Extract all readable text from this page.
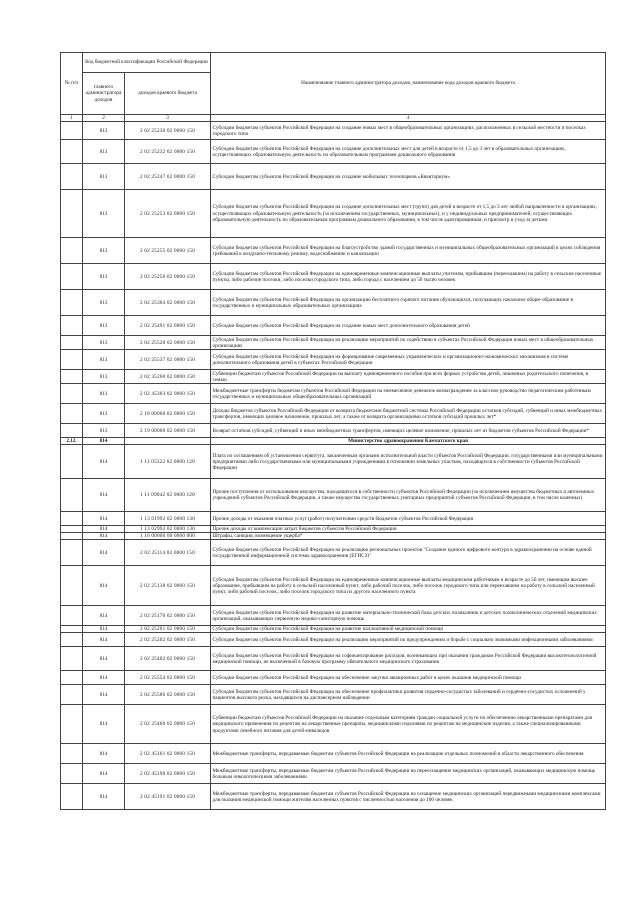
№ п/п	Код бюджетной классификации Российской Федерации		Наименование главного администратора доходов, наименование кода доходов краевого бюджета
	главного администратора доходов	доходов краевого бюджета	
1	2	3	4
	813	2 02 25230 02 0000 150	Субсидии бюджетам субъектов Российской Федерации на создание новых мест в общеобразовательных организациях, расположенных в сельской местности и поселках городского типа
	813	2 02 25232 02 0000 150	Субсидии бюджетам субъектов Российской Федерации на создание дополнительных мест для детей в возрасте от 1,5 до 3 лет в образовательных организациях, осуществляющих образовательную деятельность по образовательным программам дошкольного образования
	813	2 02 25247 02 0000 150	Субсидии бюджетам субъектов Российской Федерации на создание мобильных технопарков «Кванториум»
	813	2 02 25253 02 0000 150	Субсидии бюджетам субъектов Российской Федерации на создание дополнительных мест (групп) для детей в возрасте от 1,5 до 3 лет любой направленности в организациях, осуществляющих образовательную деятельность (за исключением государственных, муниципальных), и у индивидуальных предпринимателей, осуществляющих образовательную деятельность по образовательным программам дошкольного образования, в том числе адаптированным, и присмотр и уход за детьми
	813	2 02 25255 02 0000 150	Субсидии бюджетам субъектов Российской Федерации на благоустройство зданий государственных и муниципальных общеобразовательных организаций в целях соблюдения требований к воздушно-тепловому режиму, водоснабжению и канализации
	813	2 02 25256 02 0000 150	Субсидии бюджетам субъектов Российской Федерации на единовременные компенсационные выплаты учителям, прибывшим (переехавшим) на работу в сельские населенные пункты, либо рабочие поселки, либо поселки городского типа, либо города с населением до 50 тысяч человек
	813	2 02 25304 02 0000 150	Субсидии бюджетам субъектов Российской Федерации на организацию бесплатного горячего питания обучающихся, получающих начальное общее образование в государственных и муниципальных образовательных организациях
	813	2 02 25491 02 0000 150	Субсидии бюджетам субъектов Российской Федерации на создание новых мест дополнительного образования детей
	813	2 02 25520 02 0000 150	Субсидии бюджетам субъектов Российской Федерации на реализацию мероприятий по содействию в субъектах Российской Федерации новых мест в общеобразовательных организациях
	813	2 02 25537 02 0000 150	Субсидии бюджетам субъектов Российской Федерации на формирование современных управленческих и организационно-экономических механизмов в системе дополнительного образования детей в субъектах Российской Федерации
	813	2 02 35260 02 0000 150	Субвенции бюджетам субъектов Российской Федерации на выплату единовременного пособия при всех формах устройства детей, лишенных родительского попечения, в семью
	813	2 02 45303 02 0000 150	Межбюджетные трансферты бюджетам субъектов Российской Федерации на ежемесячное денежное вознаграждение за классное руководство педагогическим работникам государственных и муниципальных общеобразовательных организаций
	813	2 18 00000 02 0000 150	Доходы бюджетов субъектов Российской Федерации от возврата бюджетами бюджетной системы Российской Федерации остатков субсидий, субвенций и иных межбюджетных трансфертов, имеющих целевое назначение, прошлых лет, а также от возврата организациями остатков субсидий прошлых лет*
	813	2 19 00000 02 0000 150	Возврат остатков субсидий, субвенций и иных межбюджетных трансфертов, имеющих целевое назначение, прошлых лет из бюджетов субъектов Российской Федерации*
2.12.	814		Министерство здравоохранения Камчатского края
	814	1 11 05322 02 0000 120	Плата по соглашениям об установлении сервитута, заключенным органами исполнительной власти субъектов Российской Федерации, государственными или муниципальными предприятиями либо государственными или муниципальными учреждениями в отношении земельных участков, находящихся в собственности субъектов Российской Федерации
	814	1 11 09042 02 0000 120	Прочие поступления от использования имущества, находящегося в собственности субъектов Российской Федерации (за исключением имущества бюджетных и автономных учреждений субъектов Российской Федерации, а также имущества государственных унитарных предприятий субъектов Российской Федерации, в том числе казенных)
	814	1 13 01992 02 0000 130	Прочие доходы от оказания платных услуг (работ) получателями средств бюджетов субъектов Российской Федерации
	814	1 13 02992 02 0000 130	Прочие доходы от компенсации затрат бюджетов субъектов Российской Федерации
	814	1 16 00000 00 0000 000	Штрафы, санкции, возмещение ущерба*
	814	2 02 25114 02 0000 150	Субсидии бюджетам субъектов Российской Федерации на реализацию региональных проектов "Создание единого цифрового контура в здравоохранении на основе единой государственной информационной системы здравоохранения (ЕГИСЗ)"
	814	2 02 25138 02 0000 150	Субсидии бюджетам субъектов Российской Федерации на единовременные компенсационные выплаты медицинским работникам в возрасте до 50 лет, имеющим высшее образование, прибывшим на работу в сельский населенный пункт, либо рабочий поселок, либо поселок городского типа или переехавшим на работу в сельский населенный пункт, либо рабочий поселок, либо поселок городского типа из другого населенного пункта
	814	2 02 25170 02 0000 150	Субсидии бюджетам субъектов Российской Федерации на развитие материально-технической базы детских поликлиник и детских поликлинических отделений медицинских организаций, оказывающих первичную медико-санитарную помощь
	814	2 02 25201 02 0000 150	Субсидии бюджетам субъектов Российской Федерации на развитие паллиативной медицинской помощи
	814	2 02 25202 02 0000 150	Субсидии бюджетам субъектов Российской Федерации на реализацию мероприятий по предупреждению и борьбе с социально значимыми инфекционными заболеваниями
	814	2 02 25402 02 0000 150	Субсидии бюджетам субъектов Российской Федерации на софинансирование расходов, возникающих при оказании гражданам Российской Федерации высокотехнологичной медицинской помощи, не включенной в базовую программу обязательного медицинского страхования
	814	2 02 25554 02 0000 150	Субсидии бюджетам субъектов Российской Федерации на обеспечение закупки авиационных работ в целях оказания медицинской помощи
	814	2 02 25586 02 0000 150	Субсидии бюджетам субъектов Российской Федерации на обеспечение профилактики развития сердечно-сосудистых заболеваний и сердечно-сосудистых осложнений у пациентов высокого риска, находящихся на диспансерном наблюдении
	814	2 02 25460 02 0000 150	Субвенции бюджетам субъектов Российской Федерации на оказание отдельным категориям граждан социальной услуги по обеспечению лекарственными препаратами для медицинского применения по рецептам на лекарственные препараты, медицинскими изделиями по рецептам на медицинские изделия, а также специализированными продуктами лечебного питания для детей-инвалидов
	814	2 02 45161 02 0000 150	Межбюджетные трансферты, передаваемые бюджетам субъектов Российской Федерации на реализацию отдельных полномочий в области лекарственного обеспечения
	814	2 02 45190 02 0000 150	Межбюджетные трансферты, передаваемые бюджетам субъектов Российской Федерации на переоснащение медицинских организаций, оказывающих медицинскую помощь больным онкологическими заболеваниями
	814	2 02 45191 02 0000 150	Межбюджетные трансферты, передаваемые бюджетам субъектов Российской Федерации на оснащение медицинских организаций передвижными медицинскими комплексами для оказания медицинской помощи жителям населенных пунктов с численностью населения до 100 человек
